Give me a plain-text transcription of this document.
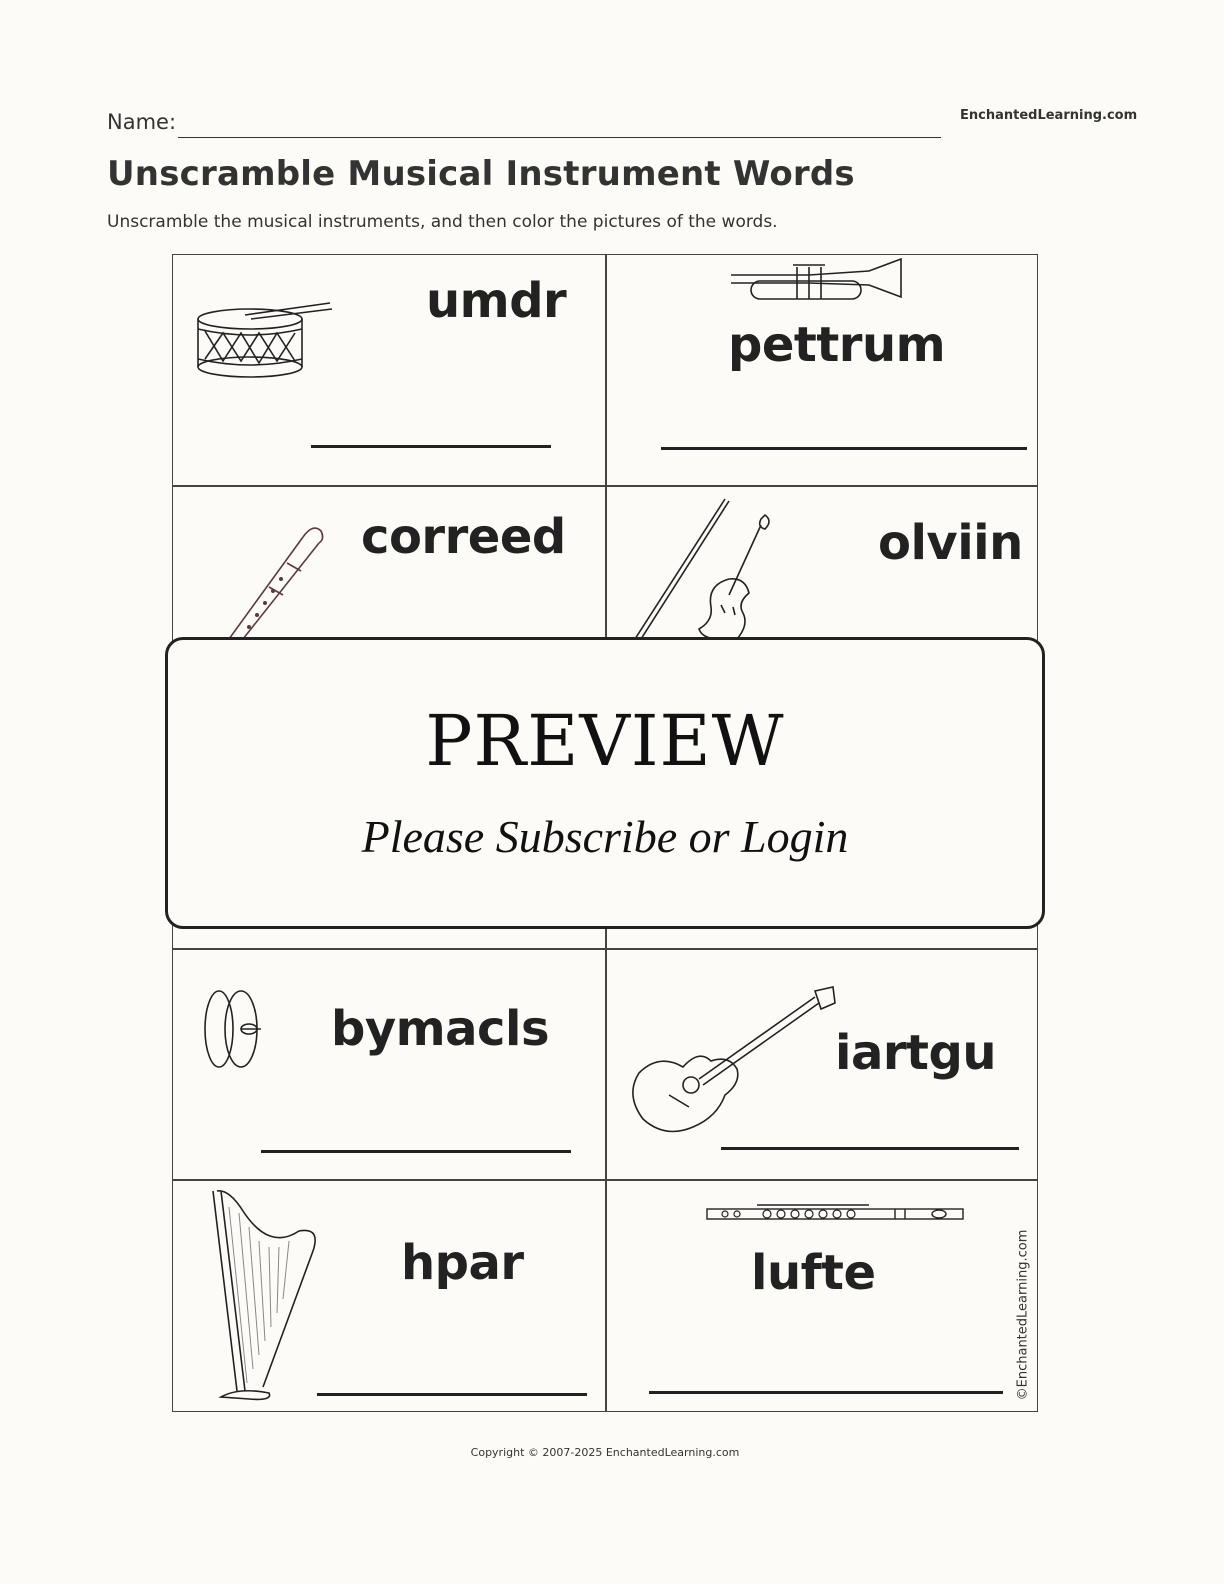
Name:	EnchantedLearning.com
Unscramble Musical Instrument Words
Unscramble the musical instruments, and then color the pictures of the words.
umdr
pettrum
correed	olviin
bymacls	iartgu
hpar	lufte
PREVIEW
Please Subscribe or Login
©EnchantedLearning.com
Copyright © 2007-2025 EnchantedLearning.com
